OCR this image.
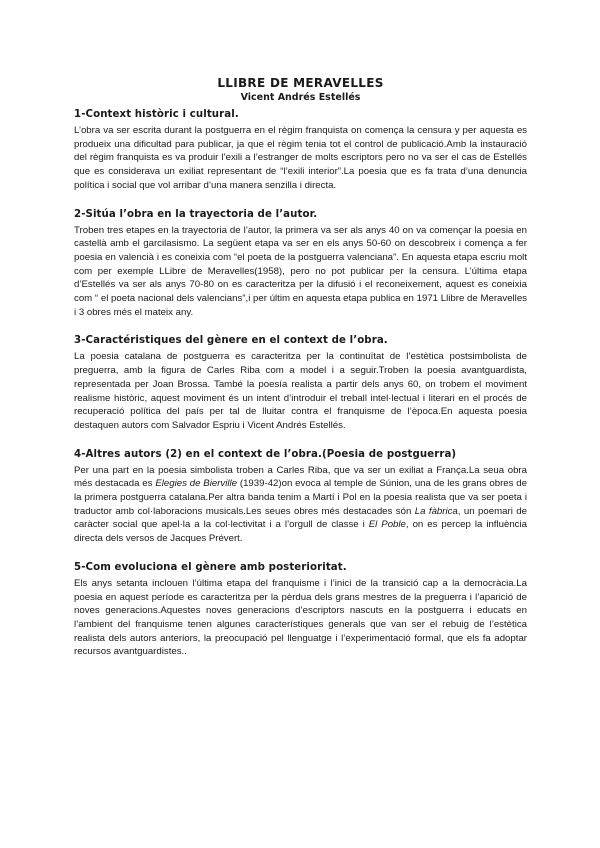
LLIBRE DE MERAVELLES
Vicent Andrés Estellés
1-Context històric i cultural.

L’obra va ser escrita durant la postguerra en el règim franquista on comença la censura y per aquesta es produeix una dificultad para publicar, ja que el règim tenia tot el control de publicació.Amb la instauració del règim franquista es va produir l’exili a l’estranger de molts escriptors pero no va ser el cas de Estellés que es considerava un exiliat representant de “l’exili interior”.La poesia que es fa trata d’una denuncia política i social que vol arribar d’una manera senzilla i directa.

2-Sitúa l’obra en la trayectoria de l’autor.

Troben tres etapes en la trayectoria de l’autor, la primera va ser als anys 40 on va començar la poesia en castellà amb el garcilasismo. La següent etapa va ser en els anys 50-60 on descobreix i comença a fer poesia en valencià i es coneixia com “el poeta de la postguerra valenciana”. En aquesta etapa escriu molt com per exemple LLibre de Meravelles(1958), pero no pot publicar per la censura. L’última etapa d’Estellés va ser als anys 70-80 on es caracteritza per la difusió i el reconeixement, aquest es coneixia com “ el poeta nacional dels valencians”,i per últim en aquesta etapa publica en 1971 Llibre de Meravelles i 3 obres més el mateix any.

3-Caractéristiques del gènere en el context de l’obra.

La poesia catalana de postguerra es caracteritza per la continuïtat de l’estètica postsimbolista de preguerra, amb la figura de Carles Riba com a model i a seguir.Troben la poesia avantguardista, representada per Joan Brossa. També la poesía realista a partir dels anys 60, on trobem el moviment realisme històric, aquest moviment és un intent d’introduir el treball intel·lectual i literari en el procés de recuperació política del país per tal de lluitar contra el franquisme de l’època.En aquesta poesia destaquen autors com Salvador Espriu i Vicent Andrés Estellés.

4-Altres autors (2) en el context de l’obra.(Poesia de postguerra)

Per una part en la poesia simbolista troben a Carles Riba, que va ser un exiliat a França.La seua obra més destacada es Elegies de Bierville (1939-42)on evoca al temple de Súnion, una de les grans obres de la primera postguerra catalana.Per altra banda tenim a Martí i Pol en la poesia realista que va ser poeta i traductor amb col·laboracions musicals.Les seues obres més destacades són La fàbrica, un poemari de caràcter social que apel·la a la col·lectivitat i a l’orgull de classe i El Poble, on es percep la influència directa dels versos de Jacques Prévert.

5-Com evoluciona el gènere amb posterioritat.

Els anys setanta inclouen l’última etapa del franquisme i l’inici de la transició cap a la democràcia.La poesia en aquest període es caracteritza per la pèrdua dels grans mestres de la preguerra i l’aparició de noves generacions.Aquestes noves generacions d’escriptors nascuts en la postguerra i educats en l’ambient del franquisme tenen algunes característiques generals que van ser el rebuig de l’estètica realista dels autors anteriors, la preocupació pel llenguatge i l’experimentació formal, que els fa adoptar recursos avantguardistes..
